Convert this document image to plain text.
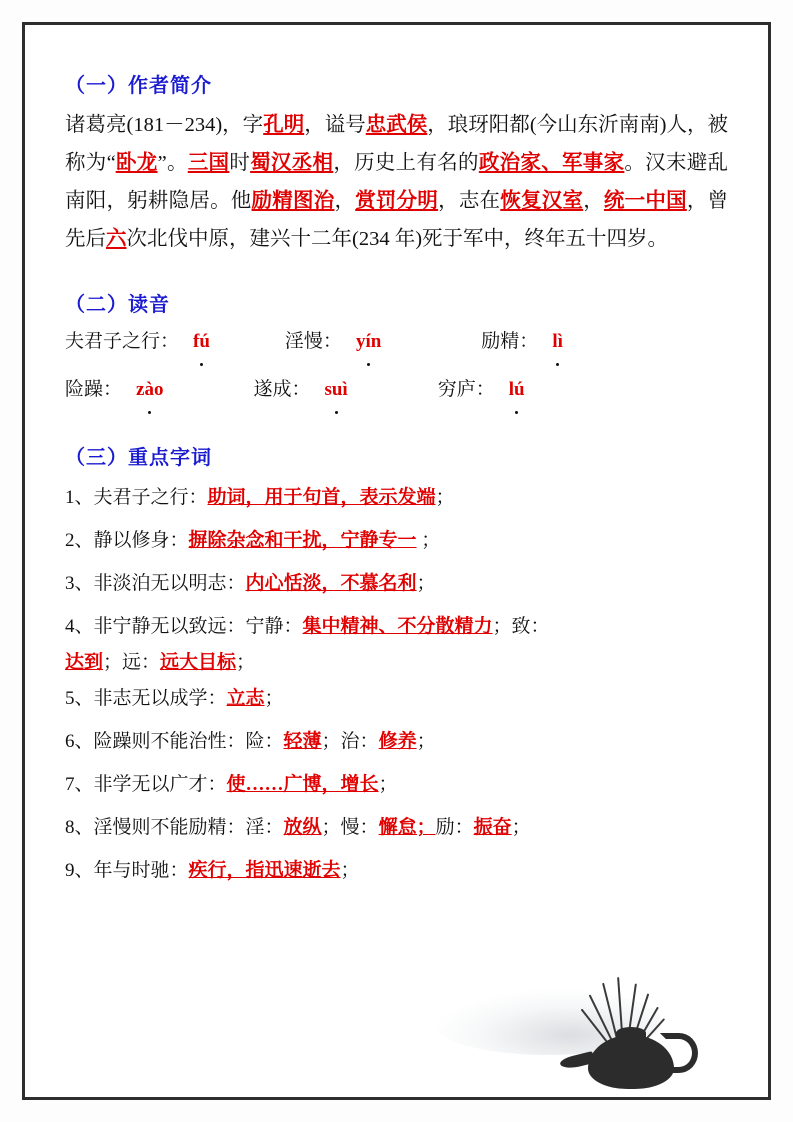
（一）作者简介

诸葛亮(181－234)，字孔明，谥号忠武侯，琅玡阳都(今山东沂南南)人，被称为“卧龙”。三国时蜀汉丞相，历史上有名的政治家、军事家。汉末避乱南阳，躬耕隐居。他励精图治，赏罚分明，志在恢复汉室，统一中国，曾先后六次北伐中原，建兴十二年(234 年)死于军中，终年五十四岁。

（二）读音
夫君子之行： fú	淫慢： yín	励精： lì
险躁： zào	遂成： suì	穷庐： lú
（三）重点字词
1、夫君子之行：助词，用于句首，表示发端；
2、静以修身：摒除杂念和干扰，宁静专一 ；
3、非淡泊无以明志：内心恬淡，不慕名利；
4、非宁静无以致远：宁静：集中精神、不分散精力；致：
达到；远：远大目标；
5、非志无以成学：立志；
6、险躁则不能治性：险：轻薄；治：修养；
7、非学无以广才：使……广博，增长；
8、淫慢则不能励精：淫：放纵；慢：懈怠；励：振奋；
9、年与时驰：疾行，指迅速逝去；
